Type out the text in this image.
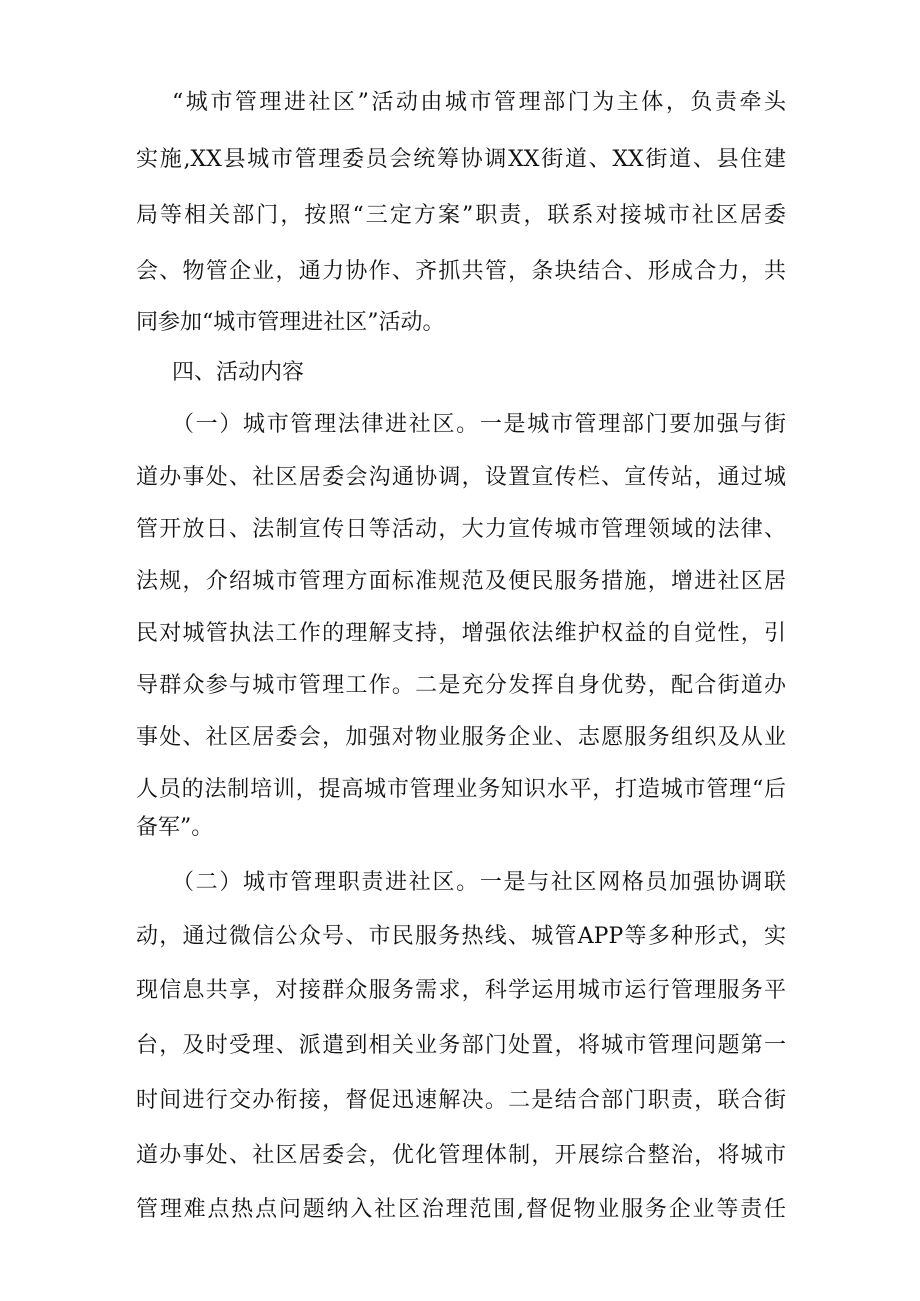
“城市管理进社区”活动由城市管理部门为主体，负责牵头

实施,XX县城市管理委员会统筹协调XX街道、XX街道、县住建

局等相关部门，按照“三定方案”职责，联系对接城市社区居委

会、物管企业，通力协作、齐抓共管，条块结合、形成合力，共

同参加“城市管理进社区”活动。

四、活动内容

（一）城市管理法律进社区。一是城市管理部门要加强与街

道办事处、社区居委会沟通协调，设置宣传栏、宣传站，通过城

管开放日、法制宣传日等活动，大力宣传城市管理领域的法律、

法规，介绍城市管理方面标准规范及便民服务措施，增进社区居

民对城管执法工作的理解支持，增强依法维护权益的自觉性，引

导群众参与城市管理工作。二是充分发挥自身优势，配合街道办

事处、社区居委会，加强对物业服务企业、志愿服务组织及从业

人员的法制培训，提高城市管理业务知识水平，打造城市管理“后

备军”。

（二）城市管理职责进社区。一是与社区网格员加强协调联

动，通过微信公众号、市民服务热线、城管APP等多种形式，实

现信息共享，对接群众服务需求，科学运用城市运行管理服务平

台，及时受理、派遣到相关业务部门处置，将城市管理问题第一

时间进行交办衔接，督促迅速解决。二是结合部门职责，联合街

道办事处、社区居委会，优化管理体制，开展综合整治，将城市

管理难点热点问题纳入社区治理范围,督促物业服务企业等责任
